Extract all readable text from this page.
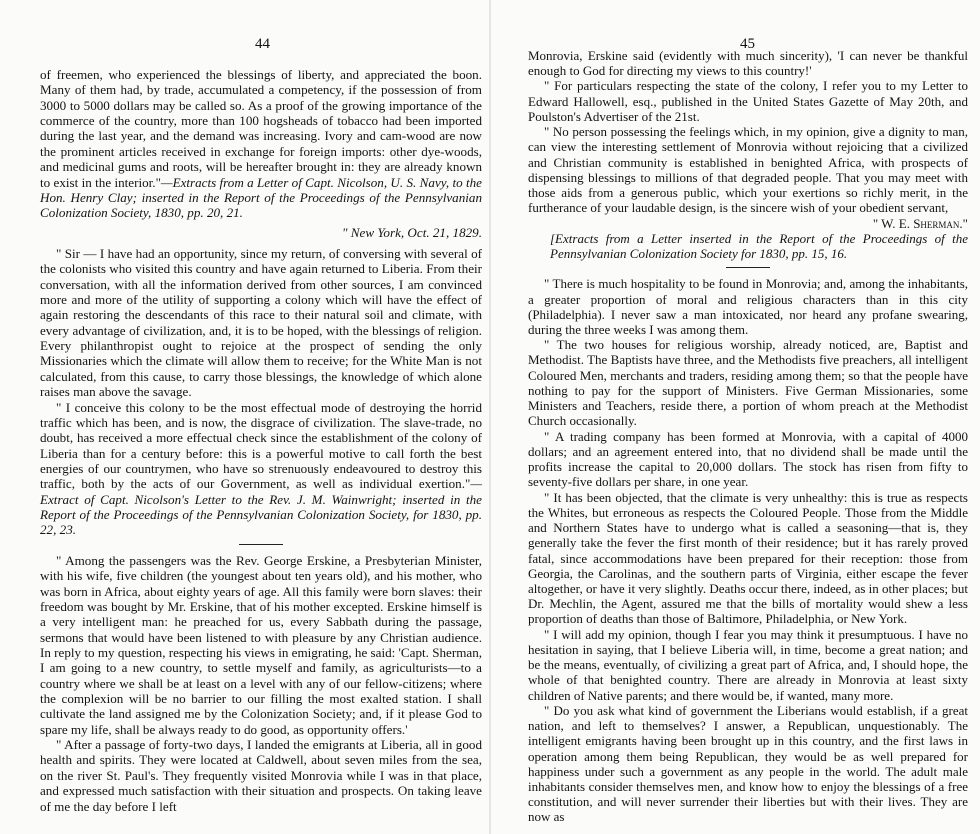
44

of freemen, who experienced the blessings of liberty, and appreciated the boon. Many of them had, by trade, accumulated a competency, if the possession of from 3000 to 5000 dollars may be called so. As a proof of the growing importance of the commerce of the country, more than 100 hogsheads of tobacco had been imported during the last year, and the demand was increasing. Ivory and cam-wood are now the prominent articles received in exchange for foreign imports: other dye-woods, and medicinal gums and roots, will be hereafter brought in: they are already known to exist in the interior."—Extracts from a Letter of Capt. Nicolson, U. S. Navy, to the Hon. Henry Clay; inserted in the Report of the Proceedings of the Pennsylvanian Colonization Society, 1830, pp. 20, 21.

" New York, Oct. 21, 1829.

" Sir — I have had an opportunity, since my return, of conversing with several of the colonists who visited this country and have again returned to Liberia. From their conversation, with all the information derived from other sources, I am convinced more and more of the utility of supporting a colony which will have the effect of again restoring the descendants of this race to their natural soil and climate, with every advantage of civilization, and, it is to be hoped, with the blessings of religion. Every philanthropist ought to rejoice at the prospect of sending the only Missionaries which the climate will allow them to receive; for the White Man is not calculated, from this cause, to carry those blessings, the knowledge of which alone raises man above the savage.

" I conceive this colony to be the most effectual mode of destroying the horrid traffic which has been, and is now, the disgrace of civilization. The slave-trade, no doubt, has received a more effectual check since the establishment of the colony of Liberia than for a century before: this is a powerful motive to call forth the best energies of our countrymen, who have so strenuously endeavoured to destroy this traffic, both by the acts of our Government, as well as individual exertion."—Extract of Capt. Nicolson's Letter to the Rev. J. M. Wainwright; inserted in the Report of the Proceedings of the Pennsylvanian Colonization Society, for 1830, pp. 22, 23.

" Among the passengers was the Rev. George Erskine, a Presbyterian Minister, with his wife, five children (the youngest about ten years old), and his mother, who was born in Africa, about eighty years of age. All this family were born slaves: their freedom was bought by Mr. Erskine, that of his mother excepted. Erskine himself is a very intelligent man: he preached for us, every Sabbath during the passage, sermons that would have been listened to with pleasure by any Christian audience. In reply to my question, respecting his views in emigrating, he said: 'Capt. Sherman, I am going to a new country, to settle myself and family, as agriculturists—to a country where we shall be at least on a level with any of our fellow-citizens; where the complexion will be no barrier to our filling the most exalted station. I shall cultivate the land assigned me by the Colonization Society; and, if it please God to spare my life, shall be always ready to do good, as opportunity offers.'

" After a passage of forty-two days, I landed the emigrants at Liberia, all in good health and spirits. They were located at Caldwell, about seven miles from the sea, on the river St. Paul's. They frequently visited Monrovia while I was in that place, and expressed much satisfaction with their situation and prospects. On taking leave of me the day before I left

45

Monrovia, Erskine said (evidently with much sincerity), 'I can never be thankful enough to God for directing my views to this country!'

" For particulars respecting the state of the colony, I refer you to my Letter to Edward Hallowell, esq., published in the United States Gazette of May 20th, and Poulston's Advertiser of the 21st.

" No person possessing the feelings which, in my opinion, give a dignity to man, can view the interesting settlement of Monrovia without rejoicing that a civilized and Christian community is established in benighted Africa, with prospects of dispensing blessings to millions of that degraded people. That you may meet with those aids from a generous public, which your exertions so richly merit, in the furtherance of your laudable design, is the sincere wish of your obedient servant,
" W. E. Sherman."

[Extracts from a Letter inserted in the Report of the Proceedings of the Pennsylvanian Colonization Society for 1830, pp. 15, 16.

" There is much hospitality to be found in Monrovia; and, among the inhabitants, a greater proportion of moral and religious characters than in this city (Philadelphia). I never saw a man intoxicated, nor heard any profane swearing, during the three weeks I was among them.

" The two houses for religious worship, already noticed, are, Baptist and Methodist. The Baptists have three, and the Methodists five preachers, all intelligent Coloured Men, merchants and traders, residing among them; so that the people have nothing to pay for the support of Ministers. Five German Missionaries, some Ministers and Teachers, reside there, a portion of whom preach at the Methodist Church occasionally.

" A trading company has been formed at Monrovia, with a capital of 4000 dollars; and an agreement entered into, that no dividend shall be made until the profits increase the capital to 20,000 dollars. The stock has risen from fifty to seventy-five dollars per share, in one year.

" It has been objected, that the climate is very unhealthy: this is true as respects the Whites, but erroneous as respects the Coloured People. Those from the Middle and Northern States have to undergo what is called a seasoning—that is, they generally take the fever the first month of their residence; but it has rarely proved fatal, since accommodations have been prepared for their reception: those from Georgia, the Carolinas, and the southern parts of Virginia, either escape the fever altogether, or have it very slightly. Deaths occur there, indeed, as in other places; but Dr. Mechlin, the Agent, assured me that the bills of mortality would shew a less proportion of deaths than those of Baltimore, Philadelphia, or New York.

" I will add my opinion, though I fear you may think it presumptuous. I have no hesitation in saying, that I believe Liberia will, in time, become a great nation; and be the means, eventually, of civilizing a great part of Africa, and, I should hope, the whole of that benighted country. There are already in Monrovia at least sixty children of Native parents; and there would be, if wanted, many more.

" Do you ask what kind of government the Liberians would establish, if a great nation, and left to themselves? I answer, a Republican, unquestionably. The intelligent emigrants having been brought up in this country, and the first laws in operation among them being Republican, they would be as well prepared for happiness under such a government as any people in the world. The adult male inhabitants consider themselves men, and know how to enjoy the blessings of a free constitution, and will never surrender their liberties but with their lives. They are now as
